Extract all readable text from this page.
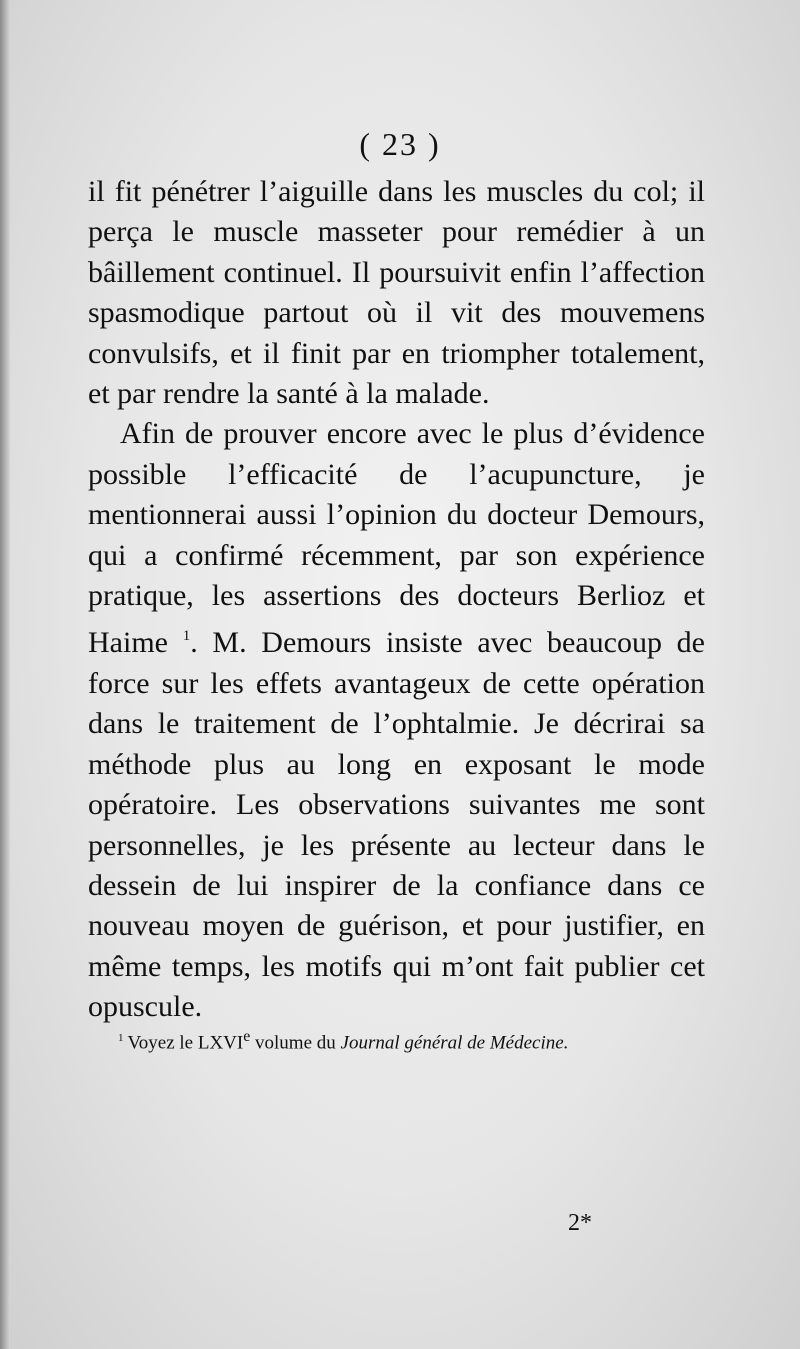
( 23 )

il fit pénétrer l’aiguille dans les muscles du col; il perça le muscle masseter pour remédier à un bâillement continuel. Il poursuivit enfin l’affection spasmodique partout où il vit des mouvemens convulsifs, et il finit par en triompher totalement, et par rendre la santé à la malade.

Afin de prouver encore avec le plus d’évidence possible l’efficacité de l’acupuncture, je mentionnerai aussi l’opinion du docteur Demours, qui a confirmé récemment, par son expérience pratique, les assertions des docteurs Berlioz et Haime $^1$. M. Demours insiste avec beaucoup de force sur les effets avantageux de cette opération dans le traitement de l’ophtalmie. Je décrirai sa méthode plus au long en exposant le mode opératoire. Les observations suivantes me sont personnelles, je les présente au lecteur dans le dessein de lui inspirer de la confiance dans ce nouveau moyen de guérison, et pour justifier, en même temps, les motifs qui m’ont fait publier cet opuscule.

$^1$ Voyez le LXVIe volume du Journal général de Médecine.
2*
